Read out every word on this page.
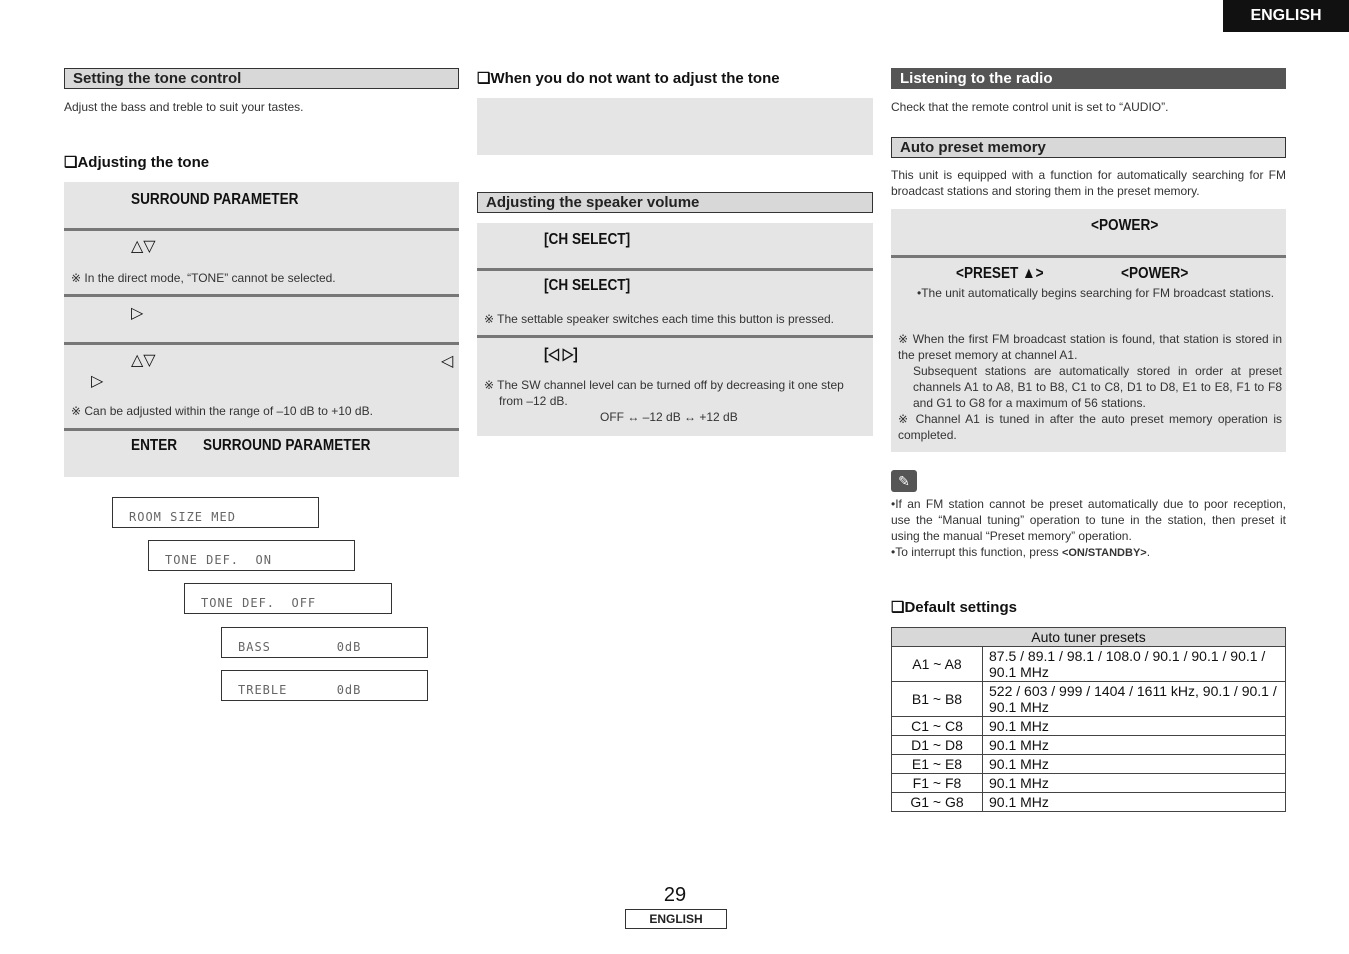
ENGLISH
Setting the tone control
Adjust the bass and treble to suit your tastes.
❑Adjusting the tone
SURROUND PARAMETER
△▽
※ In the direct mode, “TONE” cannot be selected.
▷
△▽	◁
▷
※ Can be adjusted within the range of –10 dB to +10 dB.
ENTER SURROUND PARAMETER
ROOM SIZE MED
TONE DEF.  ON
TONE DEF.  OFF
BASS        0dB
TREBLE      0dB
❑When you do not want to adjust the tone
Adjusting the speaker volume
[CH SELECT]
[CH SELECT]
※ The settable speaker switches each time this button is pressed.
[◁ ▷]
※ The SW channel level can be turned off by decreasing it one step
from –12 dB.
OFF ↔ –12 dB ↔ +12 dB
Listening to the radio
Check that the remote control unit is set to “AUDIO”.
Auto preset memory
This unit is equipped with a function for automatically searching for FM broadcast stations and storing them in the preset memory.
<POWER>
<PRESET ▲>	<POWER>
•The unit automatically begins searching for FM broadcast stations.
※ When the first FM broadcast station is found, that station is stored in the preset memory at channel A1.
Subsequent stations are automatically stored in order at preset channels A1 to A8, B1 to B8, C1 to C8, D1 to D8, E1 to E8, F1 to F8 and G1 to G8 for a maximum of 56 stations.
※ Channel A1 is tuned in after the auto preset memory operation is completed.
✎
•If an FM station cannot be preset automatically due to poor reception, use the “Manual tuning” operation to tune in the station, then preset it using the manual “Preset memory” operation.
•To interrupt this function, press <ON/STANDBY>.
❑Default settings
Auto tuner presets	
A1 ~ A8	87.5 / 89.1 / 98.1 / 108.0 / 90.1 / 90.1 / 90.1 / 90.1 MHz
B1 ~ B8	522 / 603 / 999 / 1404 / 1611 kHz, 90.1 / 90.1 / 90.1 MHz
C1 ~ C8	90.1 MHz
D1 ~ D8	90.1 MHz
E1 ~ E8	90.1 MHz
F1 ~ F8	90.1 MHz
G1 ~ G8	90.1 MHz
29
ENGLISH
